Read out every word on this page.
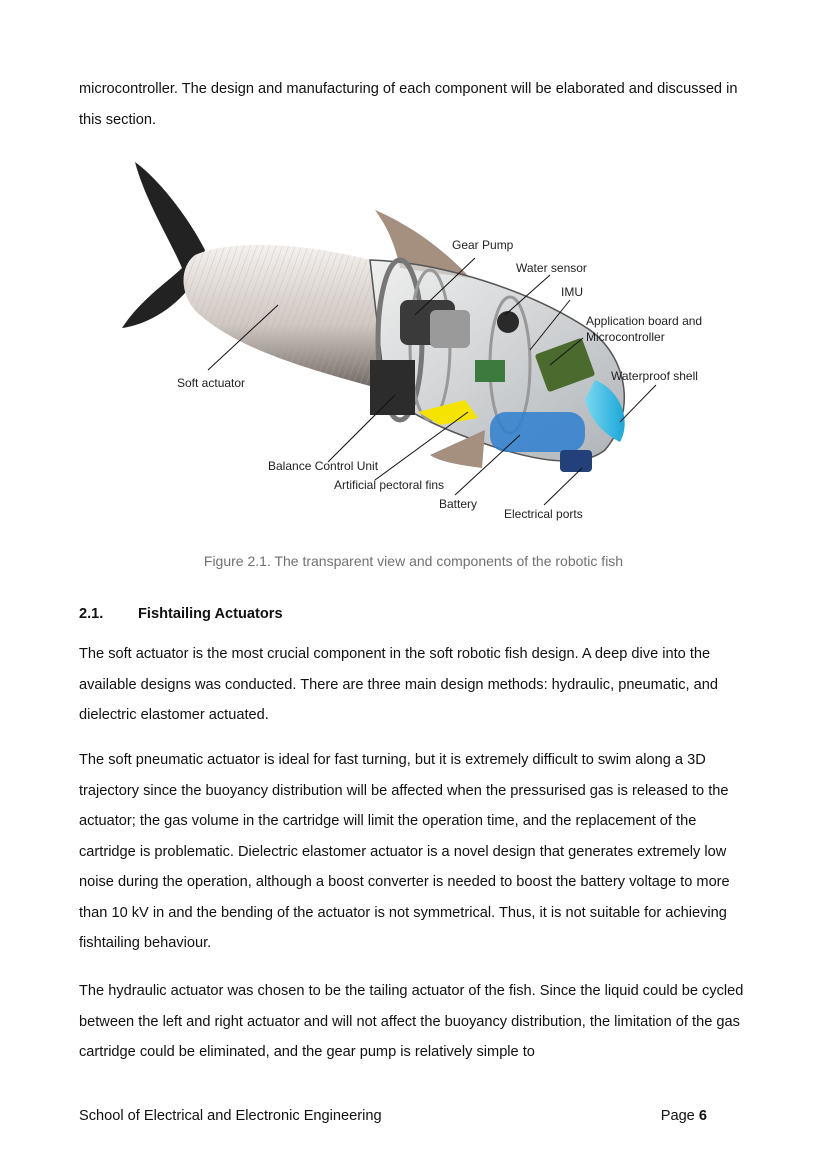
microcontroller. The design and manufacturing of each component will be elaborated and discussed in this section.

Gear Pump
Water sensor
IMU
Application board and
Microcontroller
Waterproof shell
Soft actuator
Balance Control Unit
Artificial pectoral fins
Battery
Electrical ports

Figure 2.1. The transparent view and components of the robotic fish

2.1. Fishtailing Actuators

The soft actuator is the most crucial component in the soft robotic fish design. A deep dive into the available designs was conducted. There are three main design methods: hydraulic, pneumatic, and dielectric elastomer actuated.

The soft pneumatic actuator is ideal for fast turning, but it is extremely difficult to swim along a 3D trajectory since the buoyancy distribution will be affected when the pressurised gas is released to the actuator; the gas volume in the cartridge will limit the operation time, and the replacement of the cartridge is problematic. Dielectric elastomer actuator is a novel design that generates extremely low noise during the operation, although a boost converter is needed to boost the battery voltage to more than 10 kV in and the bending of the actuator is not symmetrical. Thus, it is not suitable for achieving fishtailing behaviour.

The hydraulic actuator was chosen to be the tailing actuator of the fish. Since the liquid could be cycled between the left and right actuator and will not affect the buoyancy distribution, the limitation of the gas cartridge could be eliminated, and the gear pump is relatively simple to

School of Electrical and Electronic Engineering	Page 6
